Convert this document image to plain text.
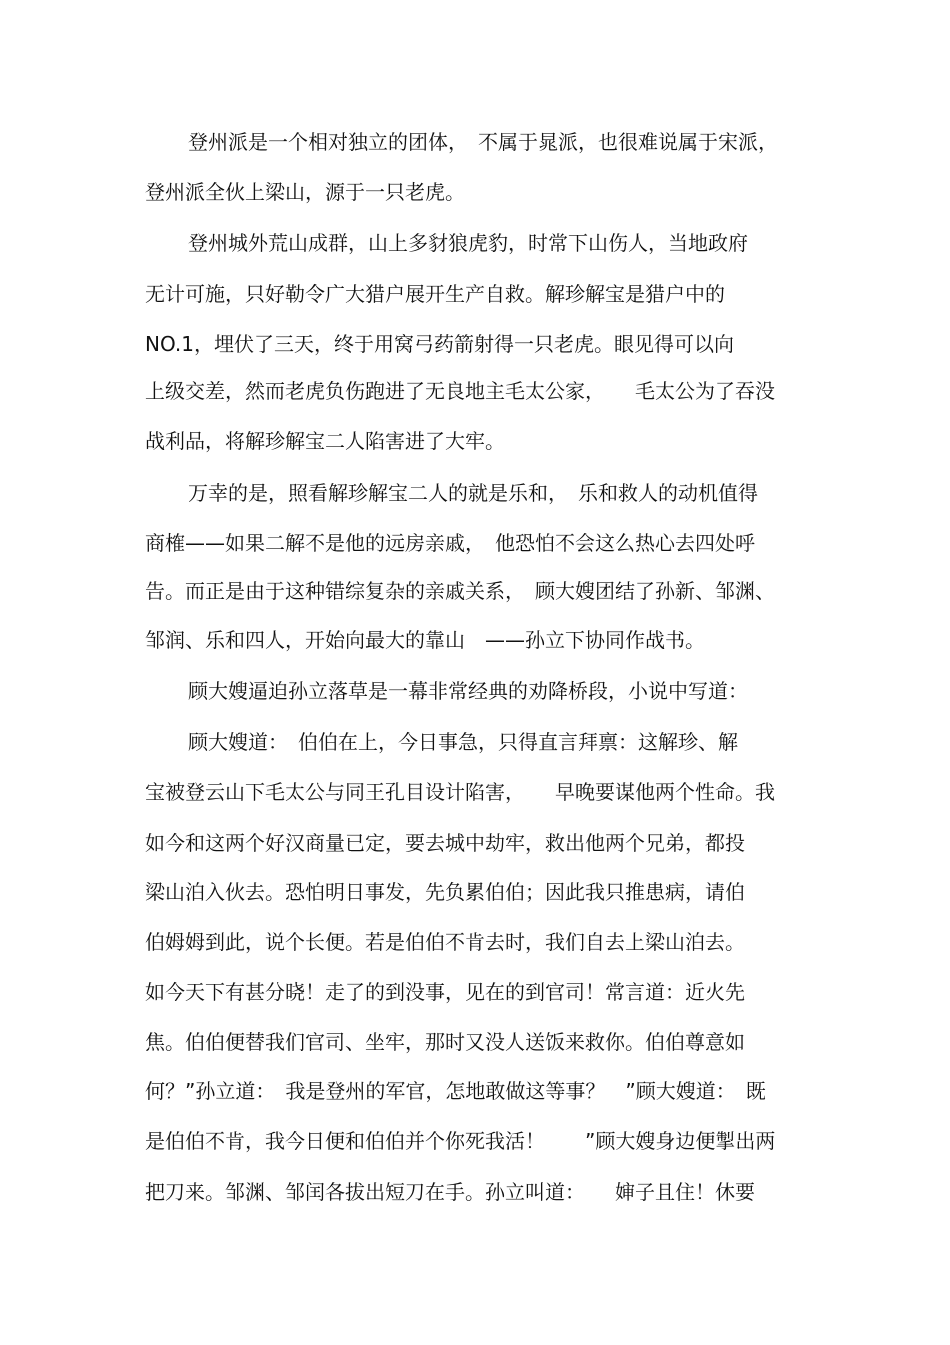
登州派是一个相对独立的团体，　不属于晁派，也很难说属于宋派，

登州派全伙上梁山，源于一只老虎。

登州城外荒山成群，山上多豺狼虎豹，时常下山伤人，当地政府

无计可施，只好勒令广大猎户展开生产自救。解珍解宝是猎户中的

NO.1，埋伏了三天，终于用窝弓药箭射得一只老虎。眼见得可以向

上级交差，然而老虎负伤跑进了无良地主毛太公家，　　毛太公为了吞没

战利品，将解珍解宝二人陷害进了大牢。

万幸的是，照看解珍解宝二人的就是乐和，　乐和救人的动机值得

商榷——如果二解不是他的远房亲戚，　他恐怕不会这么热心去四处呼

告。而正是由于这种错综复杂的亲戚关系，　顾大嫂团结了孙新、邹渊、

邹润、乐和四人，开始向最大的靠山　——孙立下协同作战书。

顾大嫂逼迫孙立落草是一幕非常经典的劝降桥段，小说中写道：

顾大嫂道：　伯伯在上，今日事急，只得直言拜禀：这解珍、解

宝被登云山下毛太公与同王孔目设计陷害，　　早晚要谋他两个性命。我

如今和这两个好汉商量已定，要去城中劫牢，救出他两个兄弟，都投

梁山泊入伙去。恐怕明日事发，先负累伯伯；因此我只推患病，请伯

伯姆姆到此，说个长便。若是伯伯不肯去时，我们自去上梁山泊去。

如今天下有甚分晓！走了的到没事，见在的到官司！常言道：近火先

焦。伯伯便替我们官司、坐牢，那时又没人送饭来救你。伯伯尊意如

何？”孙立道：　我是登州的军官，怎地敢做这等事？　”顾大嫂道：　既

是伯伯不肯，我今日便和伯伯并个你死我活！　　”顾大嫂身边便掣出两

把刀来。邹渊、邹闰各拔出短刀在手。孙立叫道：　　婶子且住！休要
